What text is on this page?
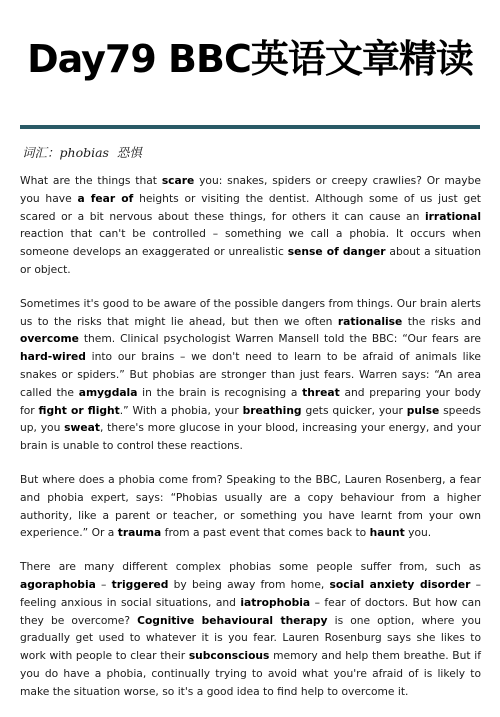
Day79 BBC英语文章精读
词汇：phobias 恐惧

What are the things that scare you: snakes, spiders or creepy crawlies? Or maybe you have a fear of heights or visiting the dentist. Although some of us just get scared or a bit nervous about these things, for others it can cause an irrational reaction that can't be controlled – something we call a phobia. It occurs when someone develops an exaggerated or unrealistic sense of danger about a situation or object.

Sometimes it's good to be aware of the possible dangers from things. Our brain alerts us to the risks that might lie ahead, but then we often rationalise the risks and overcome them. Clinical psychologist Warren Mansell told the BBC: “Our fears are hard-wired into our brains – we don't need to learn to be afraid of animals like snakes or spiders.” But phobias are stronger than just fears. Warren says: “An area called the amygdala in the brain is recognising a threat and preparing your body for fight or flight.” With a phobia, your breathing gets quicker, your pulse speeds up, you sweat, there's more glucose in your blood, increasing your energy, and your brain is unable to control these reactions.

But where does a phobia come from? Speaking to the BBC, Lauren Rosenberg, a fear and phobia expert, says: “Phobias usually are a copy behaviour from a higher authority, like a parent or teacher, or something you have learnt from your own experience.” Or a trauma from a past event that comes back to haunt you.

There are many different complex phobias some people suffer from, such as agoraphobia – triggered by being away from home, social anxiety disorder – feeling anxious in social situations, and iatrophobia – fear of doctors. But how can they be overcome? Cognitive behavioural therapy is one option, where you gradually get used to whatever it is you fear. Lauren Rosenburg says she likes to work with people to clear their subconscious memory and help them breathe. But if you do have a phobia, continually trying to avoid what you're afraid of is likely to make the situation worse, so it's a good idea to find help to overcome it.
